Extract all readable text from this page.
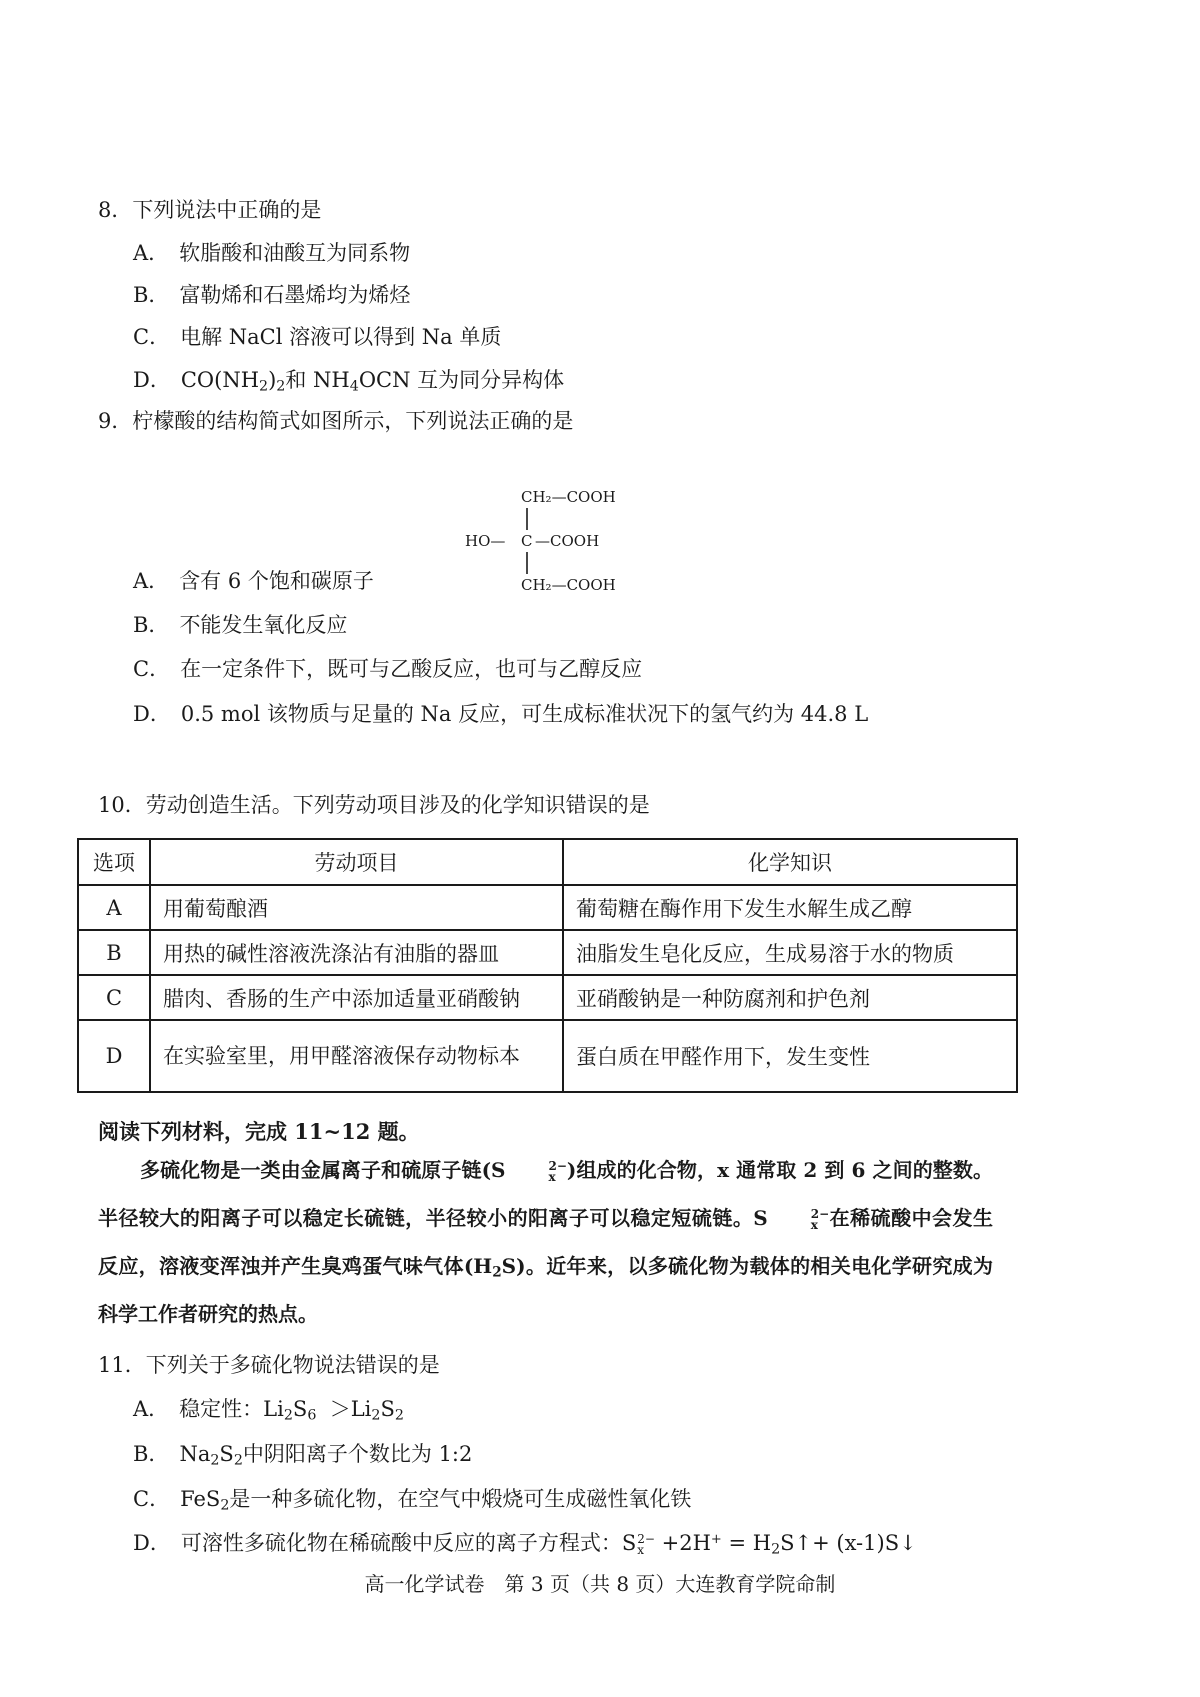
8．下列说法中正确的是
A． 软脂酸和油酸互为同系物
B． 富勒烯和石墨烯均为烯烃
C． 电解 NaCl 溶液可以得到 Na 单质
D． $CO(NH_2)_2$和 $NH_4OCN$ 互为同分异构体
9．柠檬酸的结构简式如图所示，下列说法正确的是
CH₂—COOH
HO— C —COOH
CH₂—COOH
A． 含有 6 个饱和碳原子
B． 不能发生氧化反应
C． 在一定条件下，既可与乙酸反应，也可与乙醇反应
D． 0.5 mol 该物质与足量的 Na 反应，可生成标准状况下的氢气约为 44.8 L
10．劳动创造生活。下列劳动项目涉及的化学知识错误的是
选项	劳动项目	化学知识
A	用葡萄酿酒	葡萄糖在酶作用下发生水解生成乙醇
B	用热的碱性溶液洗涤沾有油脂的器皿	油脂发生皂化反应，生成易溶于水的物质
C	腊肉、香肠的生产中添加适量亚硝酸钠	亚硝酸钠是一种防腐剂和护色剂
D	在实验室里，用甲醛溶液保存动物标本	蛋白质在甲醛作用下，发生变性
阅读下列材料，完成 11~12 题。
多硫化物是一类由金属离子和硫原子链(S	2−
x )组成的化合物，x 通常取 2 到 6 之间的整数。半径较大的阳离子可以稳定长硫链，半径较小的阳离子可以稳定短硫链。S	2−
x 在稀硫酸中会发生反应，溶液变浑浊并产生臭鸡蛋气味气体$(H_2S)$。近年来，以多硫化物为载体的相关电化学研究成为科学工作者研究的热点。
11．下列关于多硫化物说法错误的是
A． 稳定性：$Li_2S_6 >Li_2S_2$
B． $Na_2S_2$中阴阳离子个数比为 1:2
C． FeS$_2$是一种多硫化物，在空气中煅烧可生成磁性氧化铁
D． 可溶性多硫化物在稀硫酸中反应的离子方程式：S 2−
$x +2H^+ = H_2S↑+$ (x-1)S↓
高一化学试卷　第 3 页（共 8 页）大连教育学院命制
